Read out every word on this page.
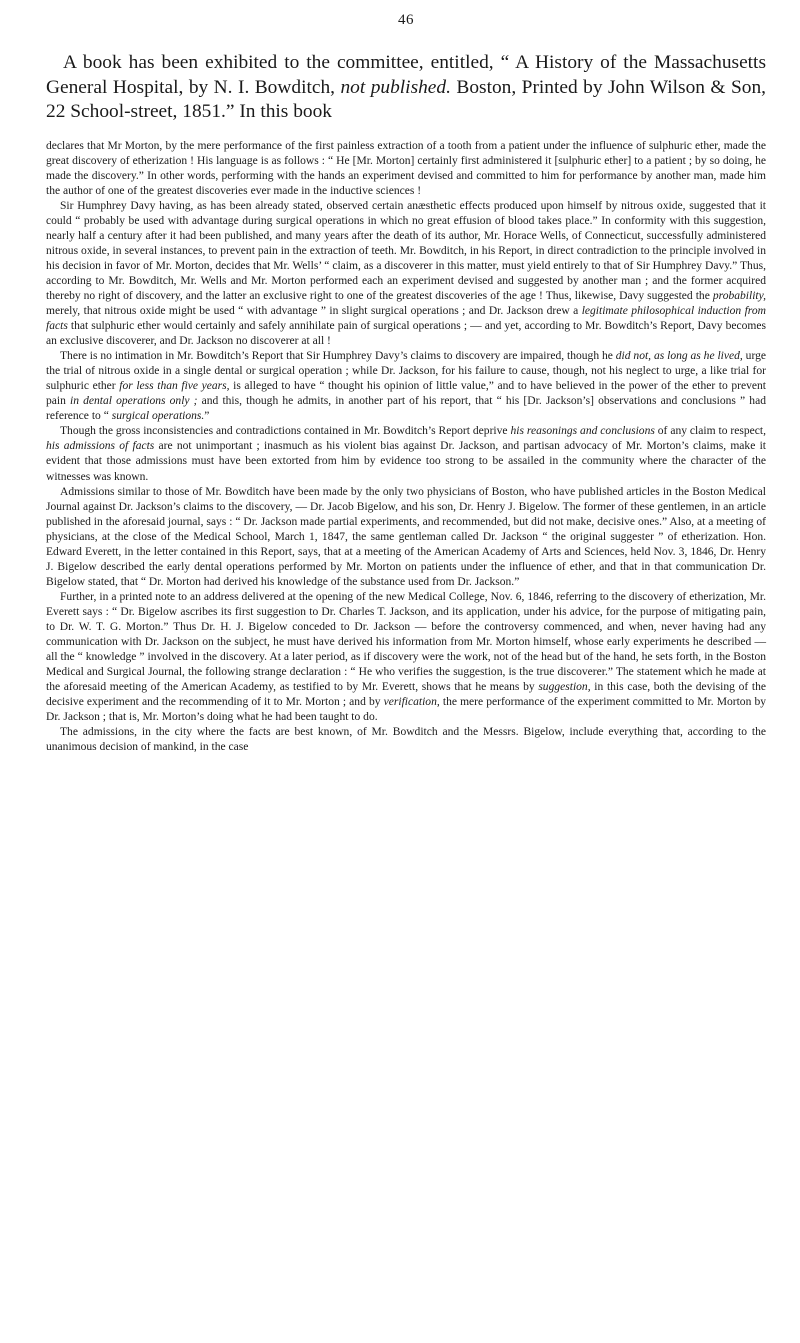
46

A book has been exhibited to the committee, entitled, “ A History of the Massachusetts General Hospital, by N. I. Bowditch, not published. Boston, Printed by John Wilson & Son, 22 School-street, 1851.” In this book

declares that Mr Morton, by the mere performance of the first painless extraction of a tooth from a patient under the influence of sulphuric ether, made the great discovery of etherization ! His language is as follows : “ He [Mr. Morton] certainly first administered it [sulphuric ether] to a patient ; by so doing, he made the discovery.” In other words, performing with the hands an experiment devised and committed to him for performance by another man, made him the author of one of the greatest discoveries ever made in the inductive sciences !

Sir Humphrey Davy having, as has been already stated, observed certain anæsthetic effects produced upon himself by nitrous oxide, suggested that it could “ probably be used with advantage during surgical operations in which no great effusion of blood takes place.” In conformity with this suggestion, nearly half a century after it had been published, and many years after the death of its author, Mr. Horace Wells, of Connecticut, successfully administered nitrous oxide, in several instances, to prevent pain in the extraction of teeth. Mr. Bowditch, in his Report, in direct contradiction to the principle involved in his decision in favor of Mr. Morton, decides that Mr. Wells’ “ claim, as a discoverer in this matter, must yield entirely to that of Sir Humphrey Davy.” Thus, according to Mr. Bowditch, Mr. Wells and Mr. Morton performed each an experiment devised and suggested by another man ; and the former acquired thereby no right of discovery, and the latter an exclusive right to one of the greatest discoveries of the age ! Thus, likewise, Davy suggested the probability, merely, that nitrous oxide might be used “ with advantage ” in slight surgical operations ; and Dr. Jackson drew a legitimate philosophical induction from facts that sulphuric ether would certainly and safely annihilate pain of surgical operations ; — and yet, according to Mr. Bowditch’s Report, Davy becomes an exclusive discoverer, and Dr. Jackson no discoverer at all !

There is no intimation in Mr. Bowditch’s Report that Sir Humphrey Davy’s claims to discovery are impaired, though he did not, as long as he lived, urge the trial of nitrous oxide in a single dental or surgical operation ; while Dr. Jackson, for his failure to cause, though, not his neglect to urge, a like trial for sulphuric ether for less than five years, is alleged to have “ thought his opinion of little value,” and to have believed in the power of the ether to prevent pain in dental operations only ; and this, though he admits, in another part of his report, that “ his [Dr. Jackson’s] observations and conclusions ” had reference to “ surgical operations.”

Though the gross inconsistencies and contradictions contained in Mr. Bowditch’s Report deprive his reasonings and conclusions of any claim to respect, his admissions of facts are not unimportant ; inasmuch as his violent bias against Dr. Jackson, and partisan advocacy of Mr. Morton’s claims, make it evident that those admissions must have been extorted from him by evidence too strong to be assailed in the community where the character of the witnesses was known.

Admissions similar to those of Mr. Bowditch have been made by the only two physicians of Boston, who have published articles in the Boston Medical Journal against Dr. Jackson’s claims to the discovery, — Dr. Jacob Bigelow, and his son, Dr. Henry J. Bigelow. The former of these gentlemen, in an article published in the aforesaid journal, says : “ Dr. Jackson made partial experiments, and recommended, but did not make, decisive ones.” Also, at a meeting of physicians, at the close of the Medical School, March 1, 1847, the same gentleman called Dr. Jackson “ the original suggester ” of etherization. Hon. Edward Everett, in the letter contained in this Report, says, that at a meeting of the American Academy of Arts and Sciences, held Nov. 3, 1846, Dr. Henry J. Bigelow described the early dental operations performed by Mr. Morton on patients under the influence of ether, and that in that communication Dr. Bigelow stated, that “ Dr. Morton had derived his knowledge of the substance used from Dr. Jackson.”

Further, in a printed note to an address delivered at the opening of the new Medical College, Nov. 6, 1846, referring to the discovery of etherization, Mr. Everett says : “ Dr. Bigelow ascribes its first suggestion to Dr. Charles T. Jackson, and its application, under his advice, for the purpose of mitigating pain, to Dr. W. T. G. Morton.” Thus Dr. H. J. Bigelow conceded to Dr. Jackson — before the controversy commenced, and when, never having had any communication with Dr. Jackson on the subject, he must have derived his information from Mr. Morton himself, whose early experiments he described — all the “ knowledge ” involved in the discovery. At a later period, as if discovery were the work, not of the head but of the hand, he sets forth, in the Boston Medical and Surgical Journal, the following strange declaration : “ He who verifies the suggestion, is the true discoverer.” The statement which he made at the aforesaid meeting of the American Academy, as testified to by Mr. Everett, shows that he means by suggestion, in this case, both the devising of the decisive experiment and the recommending of it to Mr. Morton ; and by verification, the mere performance of the experiment committed to Mr. Morton by Dr. Jackson ; that is, Mr. Morton’s doing what he had been taught to do.

The admissions, in the city where the facts are best known, of Mr. Bowditch and the Messrs. Bigelow, include everything that, according to the unanimous decision of mankind, in the case
